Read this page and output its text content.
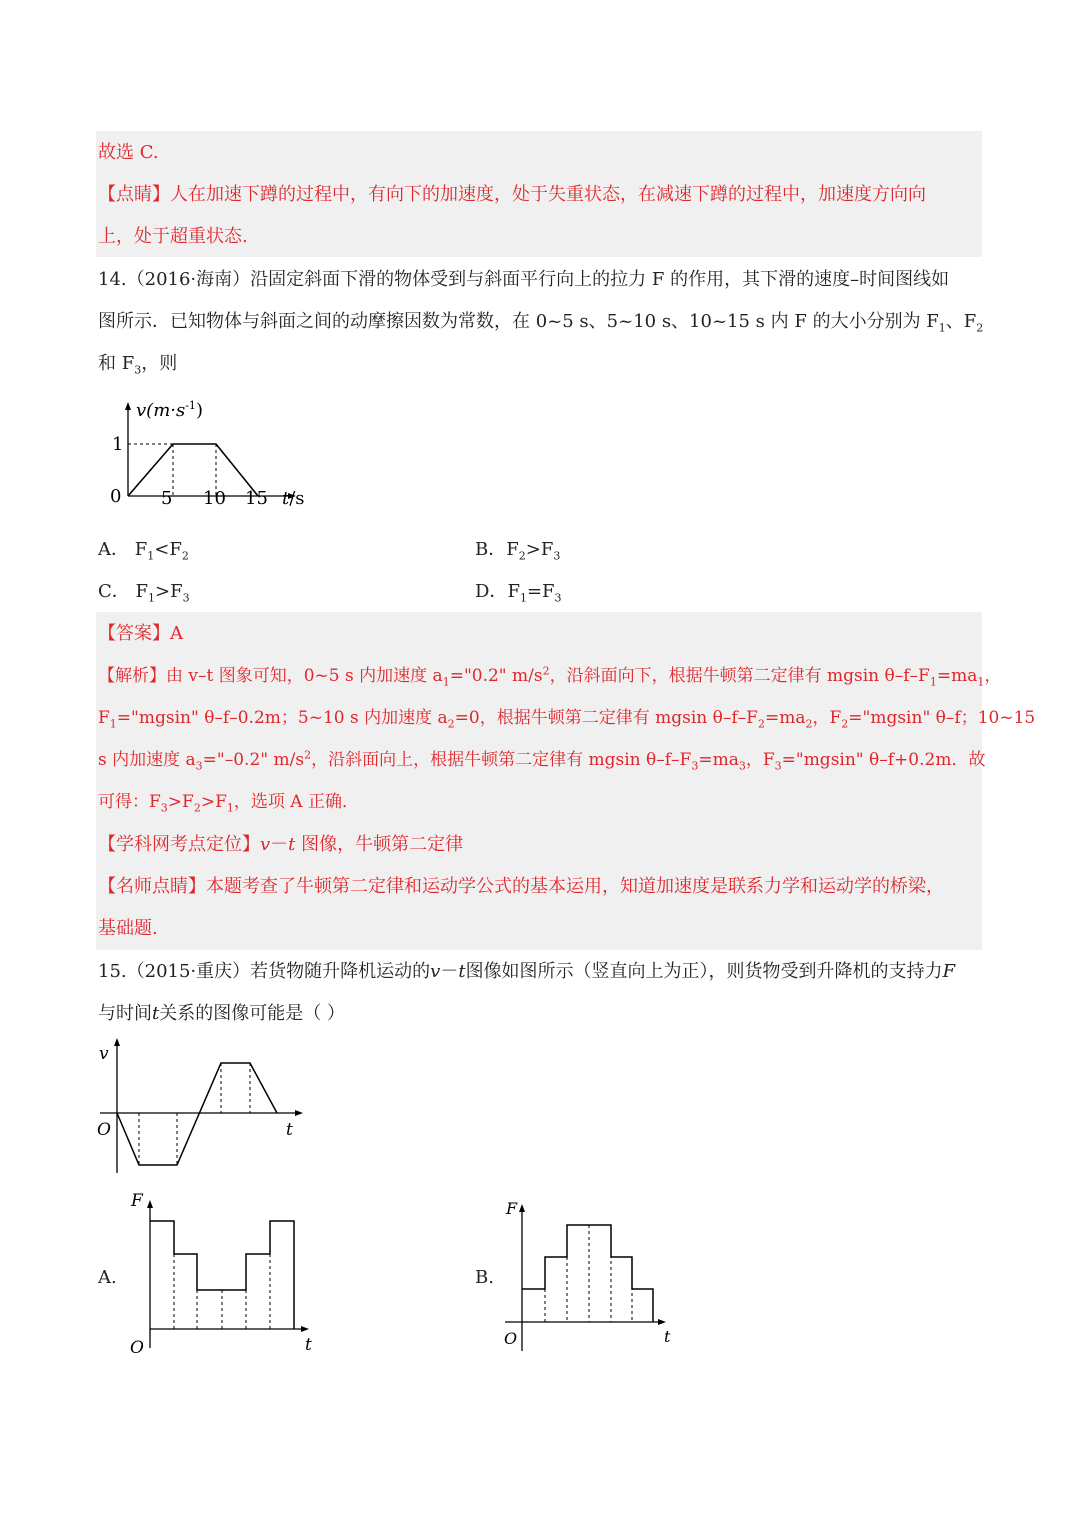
故选 C.
【点睛】人在加速下蹲的过程中，有向下的加速度，处于失重状态，在减速下蹲的过程中，加速度方向向
上，处于超重状态.
14.（2016·海南）沿固定斜面下滑的物体受到与斜面平行向上的拉力 F 的作用，其下滑的速度–时间图线如
图所示．已知物体与斜面之间的动摩擦因数为常数，在 0~5 s、5~10 s、10~15 s 内 F 的大小分别为 $F_1$、$F_2$
和 $F_3$，则
$v(m\cdot s^{-1})$
1
0 5 10 15 t/s
A． $F_1<F_2$	B．$F_2>F_3$
C． $F_1>F_3$	D．$F_1=F_3$
【答案】A
【解析】由 v–t 图象可知，0~5 s 内加速度 $a_1="0.2$" $m/s^2$，沿斜面向下，根据牛顿第二定律有 mgsin $\theta-f-F_1=ma_1$，
$F_1="mgsin$" θ–f–0.2m；5~10 s 内加速度 $a_2=0$，根据牛顿第二定律有 mgsin $\theta-f-F_2=ma_2$，$F_2="mgsin$" θ–f；10~15
s 内加速度 $a_3="-0.2$" $m/s^2$，沿斜面向上，根据牛顿第二定律有 mgsin $\theta-f-F_3=ma_3$，$F_3="mgsin$" θ–f+0.2m．故
可得：$F_3>F_2>F_1$，选项 A 正确．
【学科网考点定位】v－t 图像，牛顿第二定律
【名师点睛】本题考查了牛顿第二定律和运动学公式的基本运用，知道加速度是联系力学和运动学的桥梁，
基础题.
15.（2015·重庆）若货物随升降机运动的v－t图像如图所示（竖直向上为正），则货物受到升降机的支持力F
与时间t关系的图像可能是（ ）
v
O	t
A.
F
O	t
B.
F
O	t
